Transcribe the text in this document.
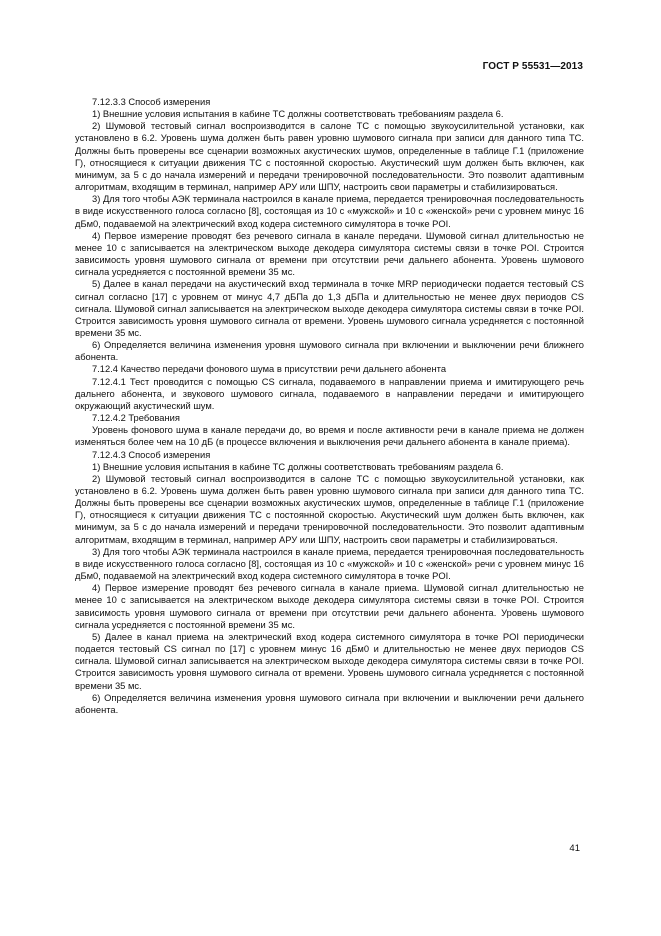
ГОСТ Р 55531—2013

7.12.3.3 Способ измерения

1) Внешние условия испытания в кабине ТС должны соответствовать требованиям раздела 6.

2) Шумовой тестовый сигнал воспроизводится в салоне ТС с помощью звукоусилительной установки, как установлено в 6.2. Уровень шума должен быть равен уровню шумового сигнала при записи для данного типа ТС. Должны быть проверены все сценарии возможных акустических шумов, определенные в таблице Г.1 (приложение Г), относящиеся к ситуации движения ТС с постоянной скоростью. Акустический шум должен быть включен, как минимум, за 5 с до начала измерений и передачи тренировочной последовательности. Это позволит адаптивным алгоритмам, входящим в терминал, например АРУ или ШПУ, настроить свои параметры и стабилизироваться.

3) Для того чтобы АЭК терминала настроился в канале приема, передается тренировочная последовательность в виде искусственного голоса согласно [8], состоящая из 10 с «мужской» и 10 с «женской» речи с уровнем минус 16 дБм0, подаваемой на электрический вход кодера системного симулятора в точке POI.

4) Первое измерение проводят без речевого сигнала в канале передачи. Шумовой сигнал длительностью не менее 10 с записывается на электрическом выходе декодера симулятора системы связи в точке POI. Строится зависимость уровня шумового сигнала от времени при отсутствии речи дальнего абонента. Уровень шумового сигнала усредняется с постоянной времени 35 мс.

5) Далее в канал передачи на акустический вход терминала в точке MRP периодически подается тестовый CS сигнал согласно [17] с уровнем от минус 4,7 дБПа до 1,3 дБПа и длительностью не менее двух периодов CS сигнала. Шумовой сигнал записывается на электрическом выходе декодера симулятора системы связи в точке POI. Строится зависимость уровня шумового сигнала от времени. Уровень шумового сигнала усредняется с постоянной времени 35 мс.

6) Определяется величина изменения уровня шумового сигнала при включении и выключении речи ближнего абонента.

7.12.4 Качество передачи фонового шума в присутствии речи дальнего абонента

7.12.4.1 Тест проводится с помощью CS сигнала, подаваемого в направлении приема и имитирующего речь дальнего абонента, и звукового шумового сигнала, подаваемого в направлении передачи и имитирующего окружающий акустический шум.

7.12.4.2 Требования

Уровень фонового шума в канале передачи до, во время и после активности речи в канале приема не должен изменяться более чем на 10 дБ (в процессе включения и выключения речи дальнего абонента в канале приема).

7.12.4.3 Способ измерения

1) Внешние условия испытания в кабине ТС должны соответствовать требованиям раздела 6.

2) Шумовой тестовый сигнал воспроизводится в салоне ТС с помощью звукоусилительной установки, как установлено в 6.2. Уровень шума должен быть равен уровню шумового сигнала при записи для данного типа ТС. Должны быть проверены все сценарии возможных акустических шумов, определенные в таблице Г.1 (приложение Г), относящиеся к ситуации движения ТС с постоянной скоростью. Акустический шум должен быть включен, как минимум, за 5 с до начала измерений и передачи тренировочной последовательности. Это позволит адаптивным алгоритмам, входящим в терминал, например АРУ или ШПУ, настроить свои параметры и стабилизироваться.

3) Для того чтобы АЭК терминала настроился в канале приема, передается тренировочная последовательность в виде искусственного голоса согласно [8], состоящая из 10 с «мужской» и 10 с «женской» речи с уровнем минус 16 дБм0, подаваемой на электрический вход кодера системного симулятора в точке POI.

4) Первое измерение проводят без речевого сигнала в канале приема. Шумовой сигнал длительностью не менее 10 с записывается на электрическом выходе декодера симулятора системы связи в точке POI. Строится зависимость уровня шумового сигнала от времени при отсутствии речи дальнего абонента. Уровень шумового сигнала усредняется с постоянной времени 35 мс.

5) Далее в канал приема на электрический вход кодера системного симулятора в точке POI периодически подается тестовый CS сигнал по [17] с уровнем минус 16 дБм0 и длительностью не менее двух периодов CS сигнала. Шумовой сигнал записывается на электрическом выходе декодера симулятора системы связи в точке POI. Строится зависимость уровня шумового сигнала от времени. Уровень шумового сигнала усредняется с постоянной времени 35 мс.

6) Определяется величина изменения уровня шумового сигнала при включении и выключении речи дальнего абонента.

41
